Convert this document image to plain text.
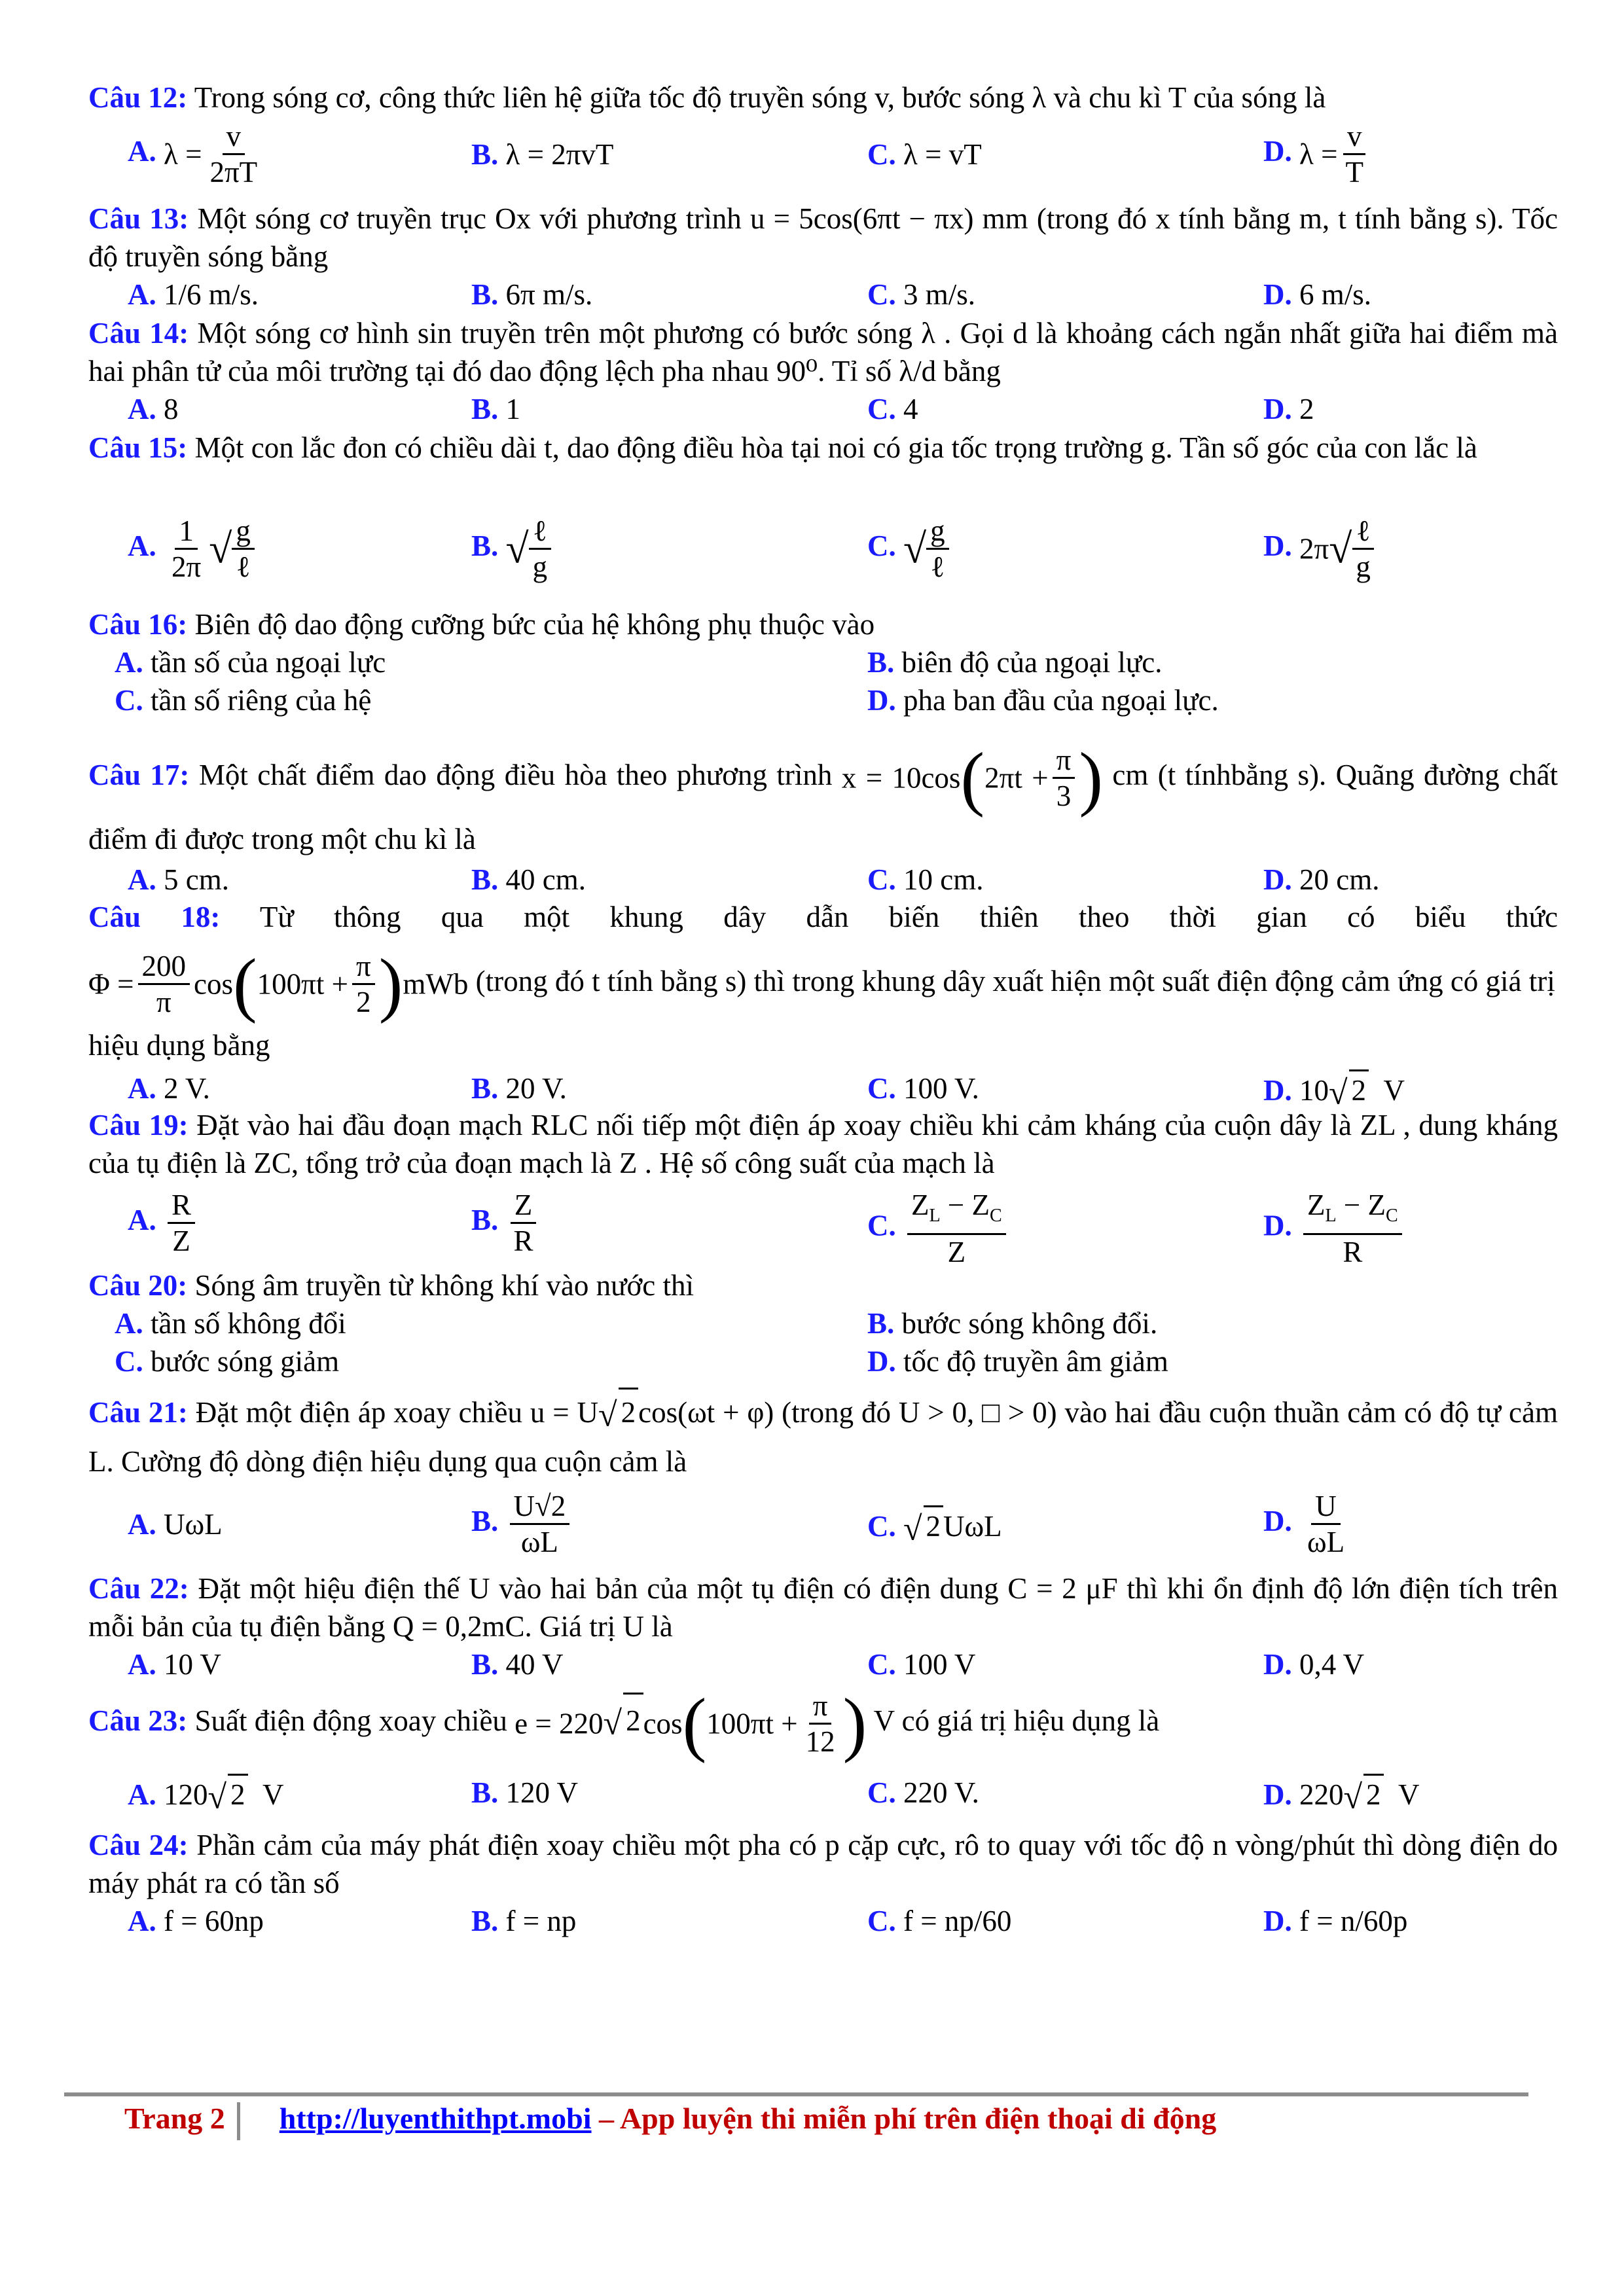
Câu 12: Trong sóng cơ, công thức liên hệ giữa tốc độ truyền sóng v, bước sóng λ và chu kì T của sóng là
A. $\lambda = \frac{v}{2\pi T}$	B. λ = 2πvT	C. λ = vT	D. $\lambda = \frac{v}{T}$
Câu 13: Một sóng cơ truyền trục Ox với phương trình u = 5cos(6πt − πx) mm (trong đó x tính bằng m, t tính bằng s). Tốc độ truyền sóng bằng
A. 1/6 m/s.	B. 6π m/s.	C. 3 m/s.	D. 6 m/s.
Câu 14: Một sóng cơ hình sin truyền trên một phương có bước sóng λ . Gọi d là khoảng cách ngắn nhất giữa hai điểm mà hai phân tử của môi trường tại đó dao động lệch pha nhau 90⁰. Tỉ số λ/d bằng
A. 8	B. 1	C. 4	D. 2
Câu 15: Một con lắc đon có chiều dài t, dao động điều hòa tại noi có gia tốc trọng trường g. Tần số góc của con lắc là
A. $\frac{1}{2\pi}$ √ $\frac{g}{\text{ℓ}}$	B. √ $\frac{\text{ℓ}}{g}$	C. √ $\frac{g}{\text{ℓ}}$	D. $2\pi√ \frac{\text{ℓ}}{g}$
Câu 16: Biên độ dao động cưỡng bức của hệ không phụ thuộc vào
A. tần số của ngoại lực	B. biên độ của ngoại lực.
C. tần số riêng của hệ	D. pha ban đầu của ngoại lực.
Câu 17: Một chất điểm dao động điều hòa theo phương trình $x = 10\cos(2\pi t + \frac{\pi}{3}$ ) cm (t tínhbằng s). Quãng đường chất điểm đi được trong một chu kì là
A. 5 cm.	B. 40 cm.	C. 10 cm.	D. 20 cm.
Câu 18: Từ thông qua một khung dây dẫn biến thiên theo thời gian có biểu thức
$\Phi = \frac{200}{\pi} \cos(100\pi t + \frac{\pi}{2} )mWb$ (trong đó t tính bằng s) thì trong khung dây xuất hiện một suất điện động cảm ứng có giá trị hiệu dụng bằng
A. 2 V.	B. 20 V.	C. 100 V.	D. 10√ 2  V
Câu 19: Đặt vào hai đầu đoạn mạch RLC nối tiếp một điện áp xoay chiều khi cảm kháng của cuộn dây là ZL , dung kháng của tụ điện là ZC, tổng trở của đoạn mạch là Z . Hệ số công suất của mạch là
A. $\frac{R}{Z}$	B. $\frac{Z}{R}$	C. $\frac{Z_L - Z_C}{Z}$	D. $\frac{Z_L - Z_C}{R}$
Câu 20: Sóng âm truyền từ không khí vào nước thì
A. tần số không đổi	B. bước sóng không đổi.
C. bước sóng giảm	D. tốc độ truyền âm giảm
Câu 21: Đặt một điện áp xoay chiều u = U√ 2cos(ωt + φ) (trong đó U > 0, □ > 0) vào hai đầu cuộn thuần cảm có độ tự cảm L. Cường độ dòng điện hiệu dụng qua cuộn cảm là
A. UωL	B. $\frac{U√2}{\omega L}$	C. √ 2UωL	D. $\frac{U}{\omega L}$
Câu 22: Đặt một hiệu điện thế U vào hai bản của một tụ điện có điện dung C = 2 μF thì khi ổn định độ lớn điện tích trên mỗi bản của tụ điện bằng Q = 0,2mC. Giá trị U là
A. 10 V	B. 40 V	C. 100 V	D. 0,4 V
Câu 23: Suất điện động xoay chiều e = 220√ $2\cos(100\pi t + \frac{\pi}{12}$ ) V có giá trị hiệu dụng là
A. 120√ 2  V	B. 120 V	C. 220 V.	D. 220√ 2  V
Câu 24: Phần cảm của máy phát điện xoay chiều một pha có p cặp cực, rô to quay với tốc độ n vòng/phút thì dòng điện do máy phát ra có tần số
A. f = 60np	B. f = np	C. f = np/60	D. f = n/60p
Trang 2 http://luyenthithpt.mobi – App luyện thi miễn phí trên điện thoại di động
